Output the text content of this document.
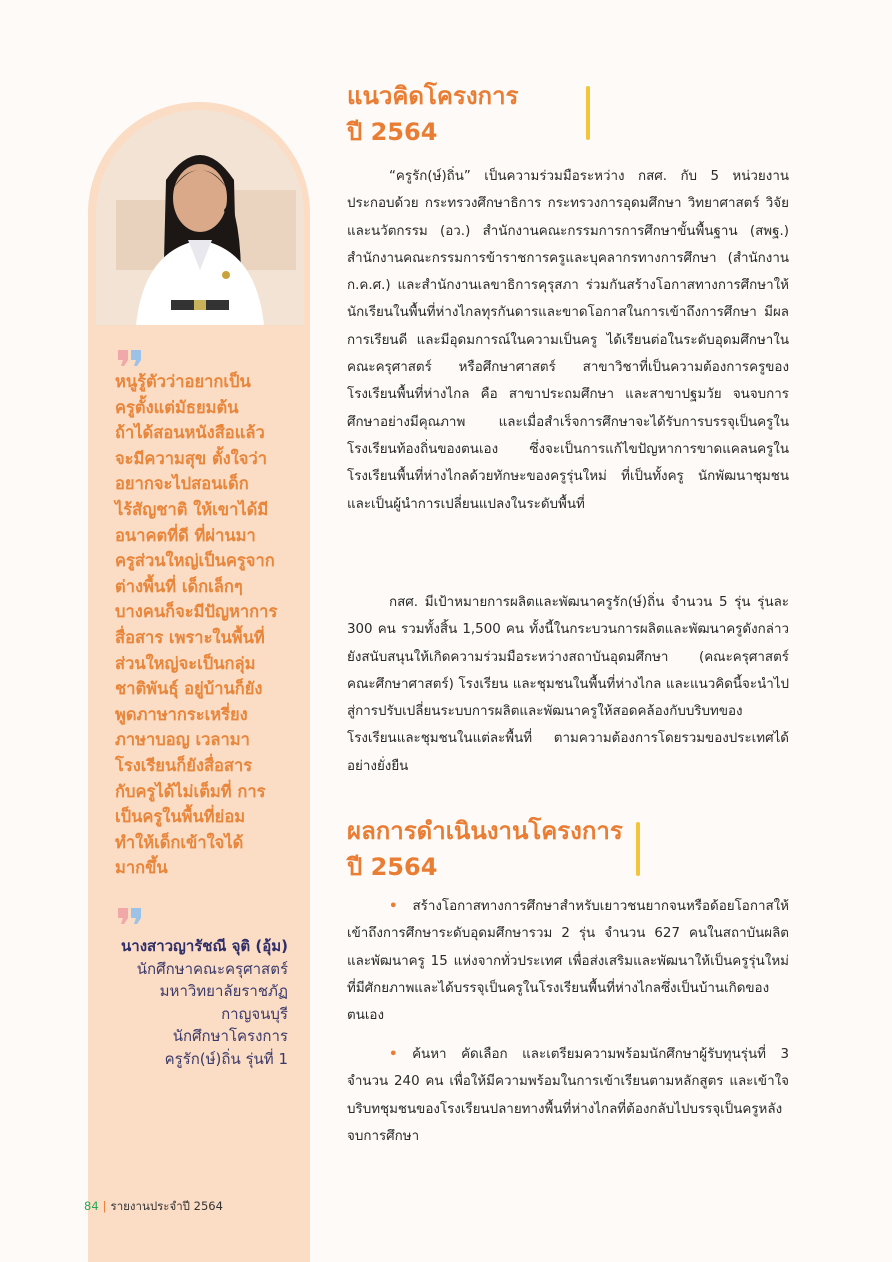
หนูรู้ตัวว่าอยากเป็น
ครูตั้งแต่มัธยมต้น
ถ้าได้สอนหนังสือแล้ว
จะมีความสุข ตั้งใจว่า
อยากจะไปสอนเด็ก
ไร้สัญชาติ ให้เขาได้มี
อนาคตที่ดี ที่ผ่านมา
ครูส่วนใหญ่เป็นครูจาก
ต่างพื้นที่ เด็กเล็กๆ
บางคนก็จะมีปัญหาการ
สื่อสาร เพราะในพื้นที่
ส่วนใหญ่จะเป็นกลุ่ม
ชาติพันธุ์ อยู่บ้านก็ยัง
พูดภาษากระเหรี่ยง
ภาษาบอญ เวลามา
โรงเรียนก็ยังสื่อสาร
กับครูได้ไม่เต็มที่ การ
เป็นครูในพื้นที่ย่อม
ทำให้เด็กเข้าใจได้
มากขึ้น

นางสาวญารัชณี จุติ (อุ้ม)
นักศึกษาคณะครุศาสตร์
มหาวิทยาลัยราชภัฏ
กาญจนบุรี
นักศึกษาโครงการ
ครูรัก(ษ์)ถิ่น รุ่นที่ 1
แนวคิดโครงการ
ปี 2564

“ครูรัก(ษ์)ถิ่น” เป็นความร่วมมือระหว่าง กสศ. กับ 5 หน่วยงานประกอบด้วย กระทรวงศึกษาธิการ กระทรวงการอุดมศึกษา วิทยาศาสตร์ วิจัยและนวัตกรรม (อว.) สำนักงานคณะกรรมการการศึกษาขั้นพื้นฐาน (สพฐ.) สำนักงานคณะกรรมการข้าราชการครูและบุคลากรทางการศึกษา (สำนักงาน ก.ค.ศ.) และสำนักงานเลขาธิการคุรุสภา ร่วมกันสร้างโอกาสทางการศึกษาให้นักเรียนในพื้นที่ห่างไกลทุรกันดารและขาดโอกาสในการเข้าถึงการศึกษา มีผลการเรียนดี และมีอุดมการณ์ในความเป็นครู ได้เรียนต่อในระดับอุดมศึกษาในคณะครุศาสตร์ หรือศึกษาศาสตร์ สาขาวิชาที่เป็นความต้องการครูของโรงเรียนพื้นที่ห่างไกล คือ สาขาประถมศึกษา และสาขาปฐมวัย จนจบการศึกษาอย่างมีคุณภาพ และเมื่อสำเร็จการศึกษาจะได้รับการบรรจุเป็นครูในโรงเรียนท้องถิ่นของตนเอง ซึ่งจะเป็นการแก้ไขปัญหาการขาดแคลนครูในโรงเรียนพื้นที่ห่างไกลด้วยทักษะของครูรุ่นใหม่ ที่เป็นทั้งครู นักพัฒนาชุมชน และเป็นผู้นำการเปลี่ยนแปลงในระดับพื้นที่

กสศ. มีเป้าหมายการผลิตและพัฒนาครูรัก(ษ์)ถิ่น จำนวน 5 รุ่น รุ่นละ 300 คน รวมทั้งสิ้น 1,500 คน ทั้งนี้ในกระบวนการผลิตและพัฒนาครูดังกล่าว ยังสนับสนุนให้เกิดความร่วมมือระหว่างสถาบันอุดมศึกษา (คณะครุศาสตร์ คณะศึกษาศาสตร์) โรงเรียน และชุมชนในพื้นที่ห่างไกล และแนวคิดนี้จะนำไปสู่การปรับเปลี่ยนระบบการผลิตและพัฒนาครูให้สอดคล้องกับบริบทของโรงเรียนและชุมชนในแต่ละพื้นที่ ตามความต้องการโดยรวมของประเทศได้อย่างยั่งยืน

ผลการดำเนินงานโครงการ
ปี 2564

• สร้างโอกาสทางการศึกษาสำหรับเยาวชนยากจนหรือด้อยโอกาสให้เข้าถึงการศึกษาระดับอุดมศึกษารวม 2 รุ่น จำนวน 627 คนในสถาบันผลิตและพัฒนาครู 15 แห่งจากทั่วประเทศ เพื่อส่งเสริมและพัฒนาให้เป็นครูรุ่นใหม่ที่มีศักยภาพและได้บรรจุเป็นครูในโรงเรียนพื้นที่ห่างไกลซึ่งเป็นบ้านเกิดของตนเอง

• ค้นหา คัดเลือก และเตรียมความพร้อมนักศึกษาผู้รับทุนรุ่นที่ 3 จำนวน 240 คน เพื่อให้มีความพร้อมในการเข้าเรียนตามหลักสูตร และเข้าใจบริบทชุมชนของโรงเรียนปลายทางพื้นที่ห่างไกลที่ต้องกลับไปบรรจุเป็นครูหลังจบการศึกษา

84 | รายงานประจำปี 2564
